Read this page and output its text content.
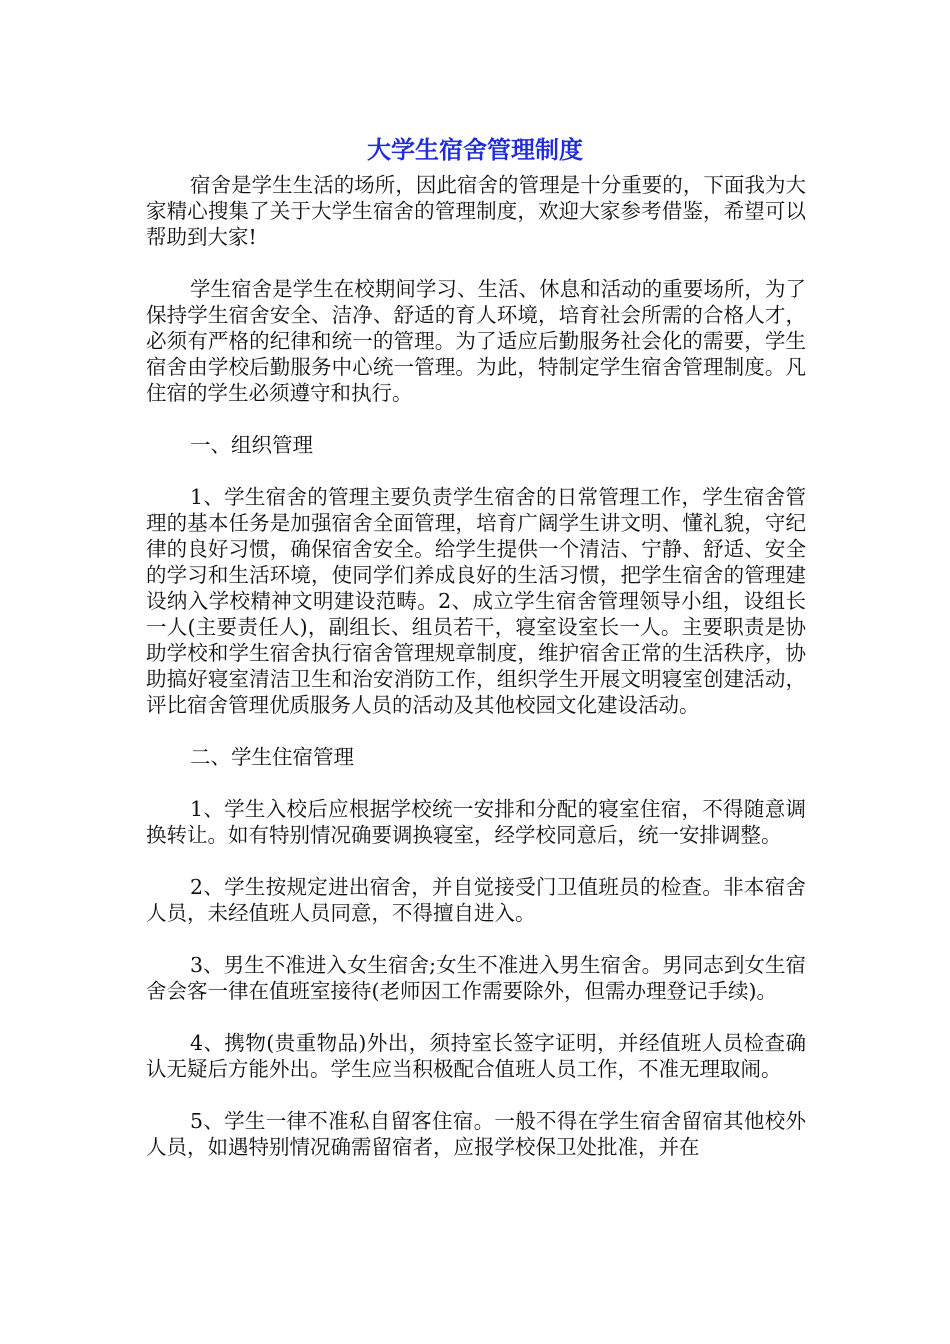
大学生宿舍管理制度

宿舍是学生生活的场所，因此宿舍的管理是十分重要的，下面我为大家精心搜集了关于大学生宿舍的管理制度，欢迎大家参考借鉴，希望可以帮助到大家!

学生宿舍是学生在校期间学习、生活、休息和活动的重要场所，为了保持学生宿舍安全、洁净、舒适的育人环境，培育社会所需的合格人才，必须有严格的纪律和统一的管理。为了适应后勤服务社会化的需要，学生宿舍由学校后勤服务中心统一管理。为此，特制定学生宿舍管理制度。凡住宿的学生必须遵守和执行。

一、组织管理

1、学生宿舍的管理主要负责学生宿舍的日常管理工作，学生宿舍管理的基本任务是加强宿舍全面管理，培育广阔学生讲文明、懂礼貌，守纪律的良好习惯，确保宿舍安全。给学生提供一个清洁、宁静、舒适、安全的学习和生活环境，使同学们养成良好的生活习惯，把学生宿舍的管理建设纳入学校精神文明建设范畴。2、成立学生宿舍管理领导小组，设组长一人(主要责任人)，副组长、组员若干，寝室设室长一人。主要职责是协助学校和学生宿舍执行宿舍管理规章制度，维护宿舍正常的生活秩序，协助搞好寝室清洁卫生和治安消防工作，组织学生开展文明寝室创建活动，评比宿舍管理优质服务人员的活动及其他校园文化建设活动。

二、学生住宿管理

1、学生入校后应根据学校统一安排和分配的寝室住宿，不得随意调换转让。如有特别情况确要调换寝室，经学校同意后，统一安排调整。

2、学生按规定进出宿舍，并自觉接受门卫值班员的检查。非本宿舍人员，未经值班人员同意，不得擅自进入。

3、男生不准进入女生宿舍;女生不准进入男生宿舍。男同志到女生宿舍会客一律在值班室接待(老师因工作需要除外，但需办理登记手续)。

4、携物(贵重物品)外出，须持室长签字证明，并经值班人员检查确认无疑后方能外出。学生应当积极配合值班人员工作，不准无理取闹。

5、学生一律不准私自留客住宿。一般不得在学生宿舍留宿其他校外人员，如遇特别情况确需留宿者，应报学校保卫处批准，并在
